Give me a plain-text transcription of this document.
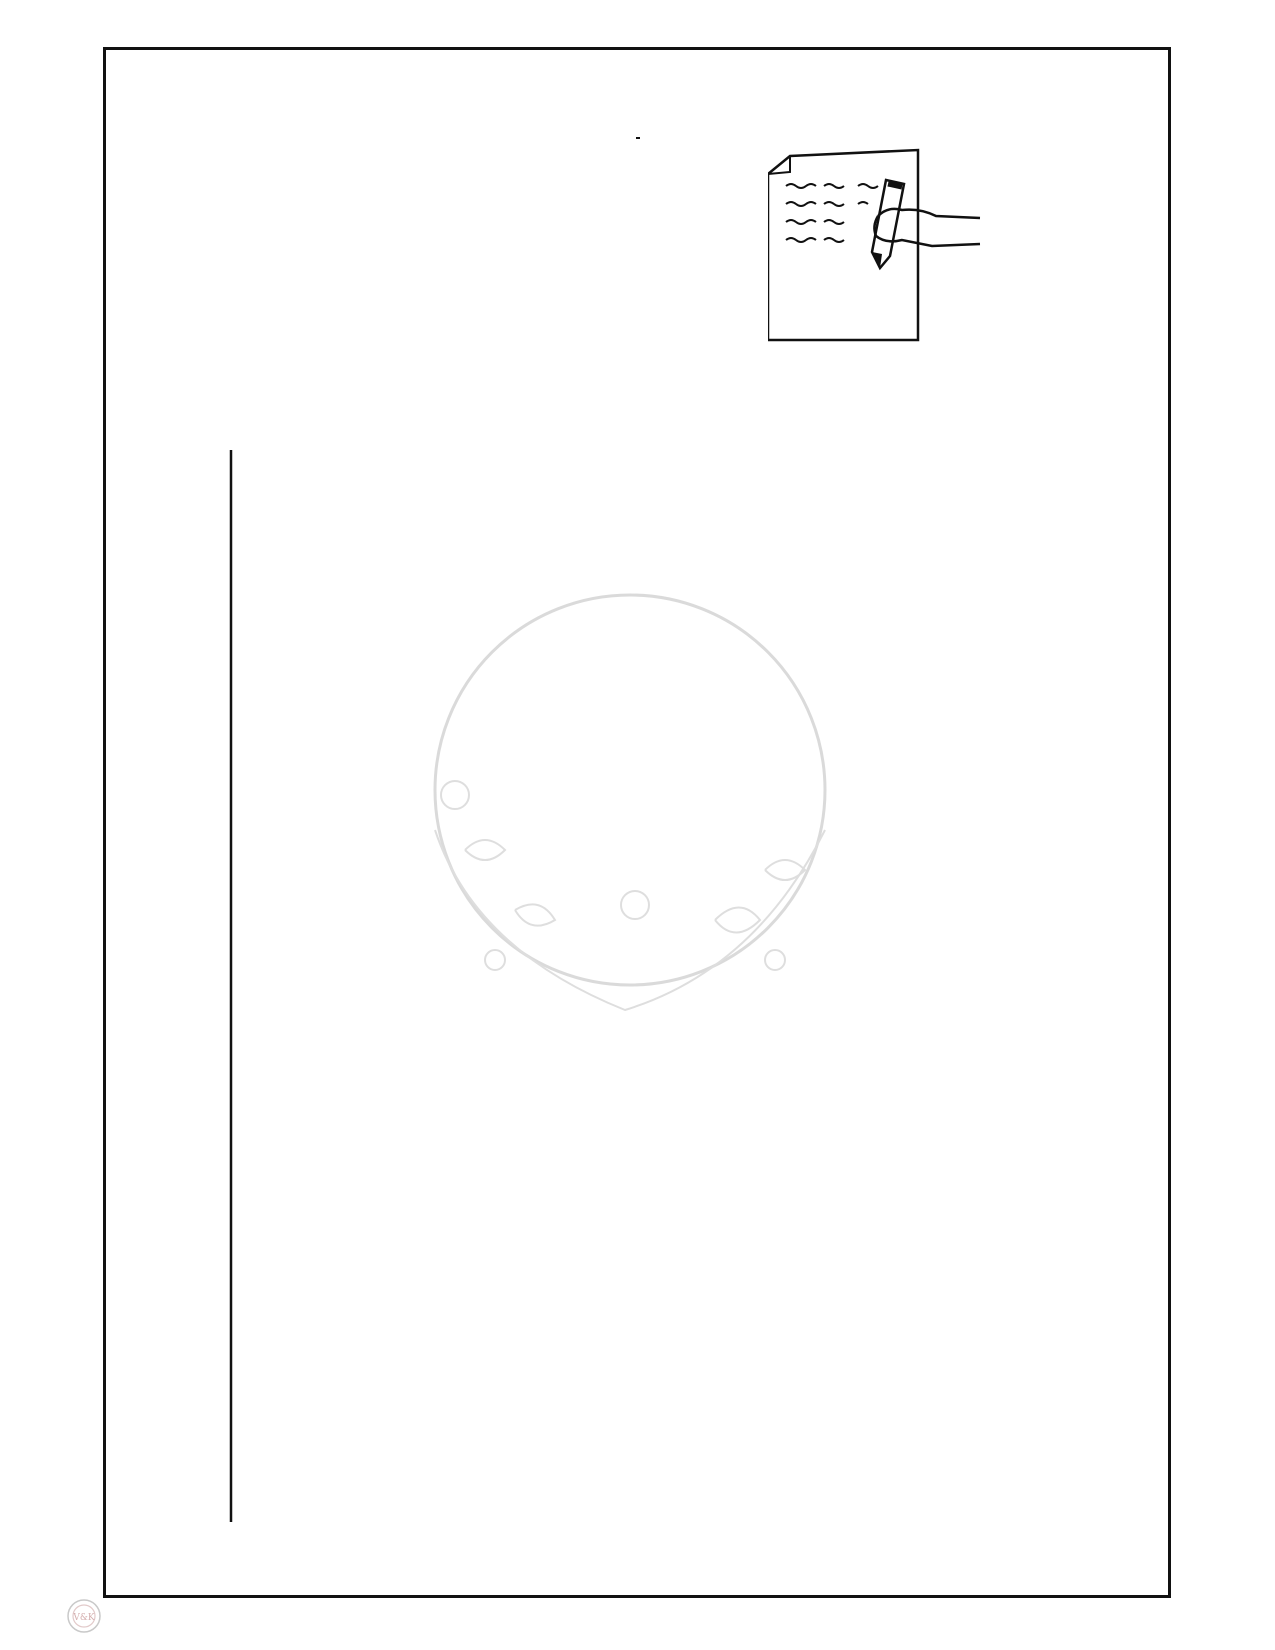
V&K
